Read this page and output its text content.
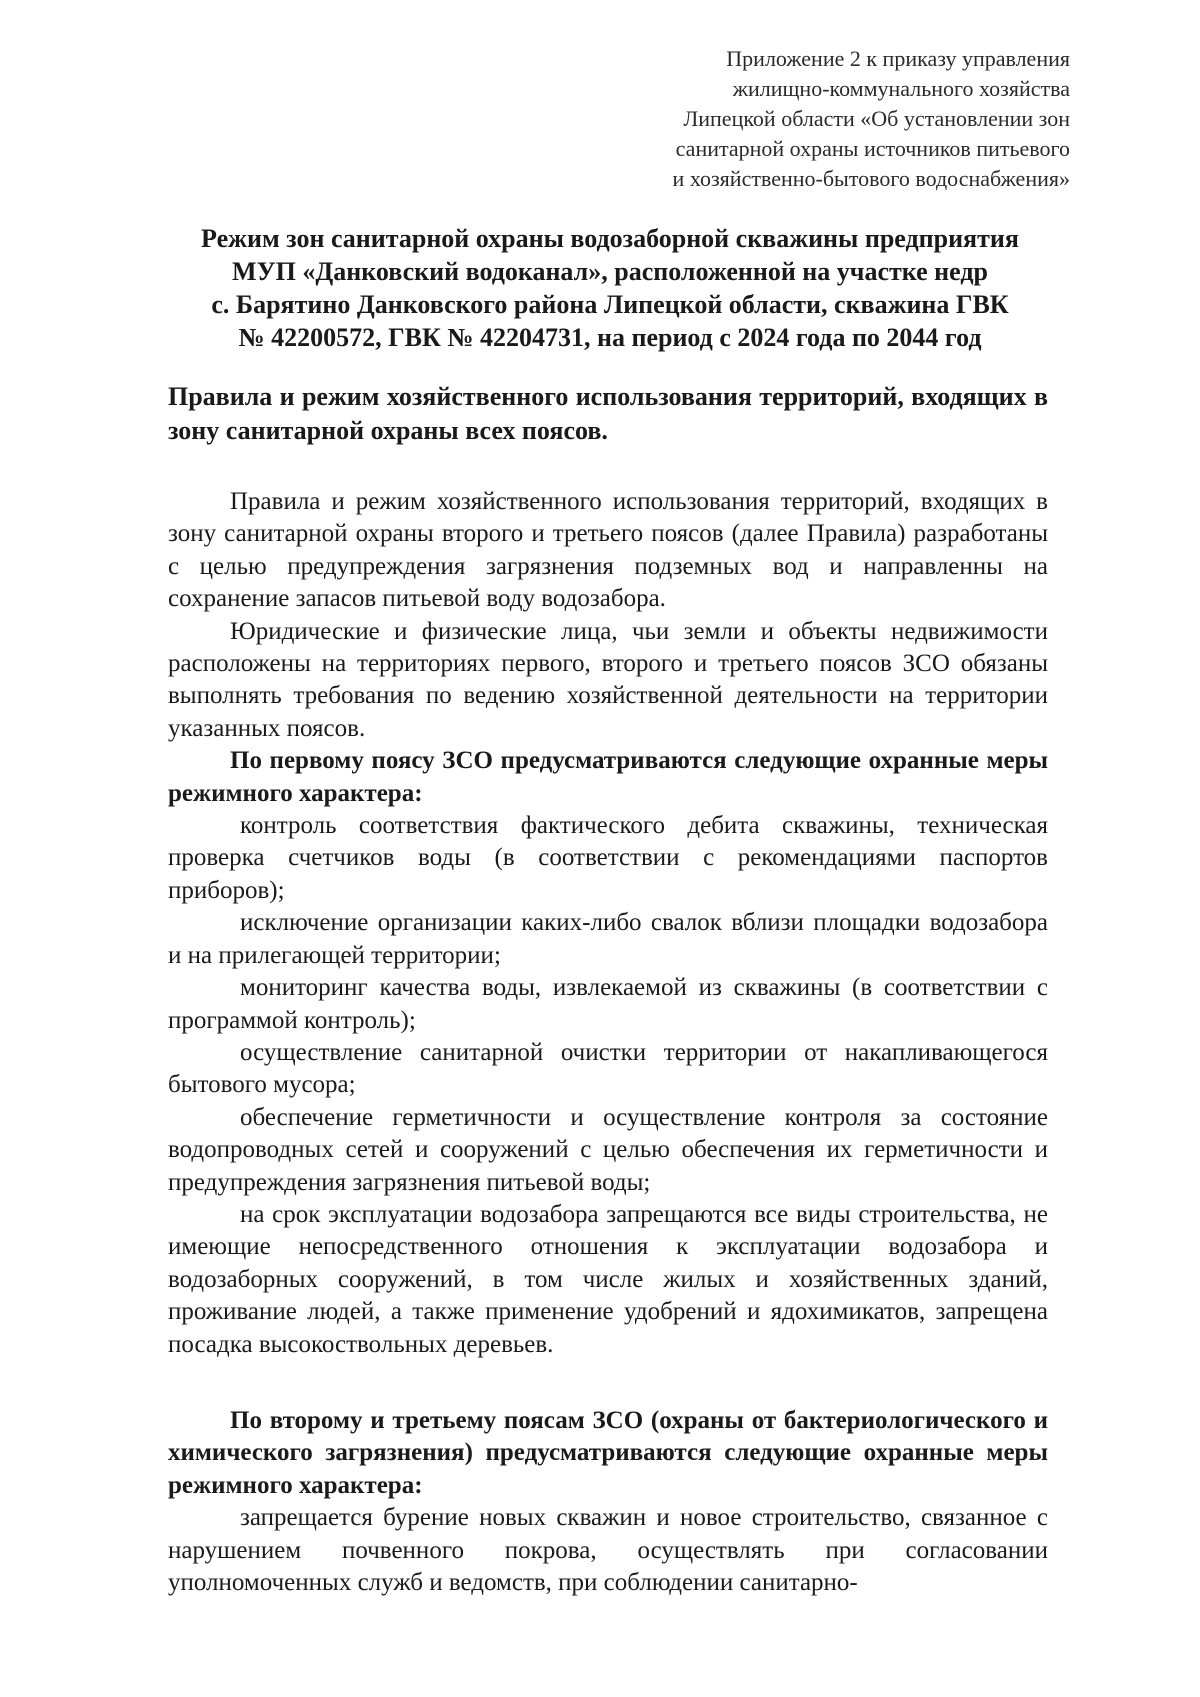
Приложение 2 к приказу управления
жилищно-коммунального хозяйства
Липецкой области «Об установлении зон
санитарной охраны источников питьевого
и хозяйственно-бытового водоснабжения»
Режим зон санитарной охраны водозаборной скважины предприятия
МУП «Данковский водоканал», расположенной на участке недр
с. Барятино Данковского района Липецкой области, скважина ГВК
№ 42200572, ГВК № 42204731, на период с 2024 года по 2044 год
Правила и режим хозяйственного использования территорий, входящих в зону санитарной охраны всех поясов.

Правила и режим хозяйственного использования территорий, входящих в зону санитарной охраны второго и третьего поясов (далее Правила) разработаны с целью предупреждения загрязнения подземных вод и направленны на сохранение запасов питьевой воду водозабора.

Юридические и физические лица, чьи земли и объекты недвижимости расположены на территориях первого, второго и третьего поясов ЗСО обязаны выполнять требования по ведению хозяйственной деятельности на территории указанных поясов.

По первому поясу ЗСО предусматриваются следующие охранные меры режимного характера:

контроль соответствия фактического дебита скважины, техническая проверка счетчиков воды (в соответствии с рекомендациями паспортов приборов);

исключение организации каких-либо свалок вблизи площадки водозабора и на прилегающей территории;

мониторинг качества воды, извлекаемой из скважины (в соответствии с программой контроль);

осуществление санитарной очистки территории от накапливающегося бытового мусора;

обеспечение герметичности и осуществление контроля за состояние водопроводных сетей и сооружений с целью обеспечения их герметичности и предупреждения загрязнения питьевой воды;

на срок эксплуатации водозабора запрещаются все виды строительства, не имеющие непосредственного отношения к эксплуатации водозабора и водозаборных сооружений, в том числе жилых и хозяйственных зданий, проживание людей, а также применение удобрений и ядохимикатов, запрещена посадка высокоствольных деревьев.

По второму и третьему поясам ЗСО (охраны от бактериологического и химического загрязнения) предусматриваются следующие охранные меры режимного характера:

запрещается бурение новых скважин и новое строительство, связанное с нарушением почвенного покрова, осуществлять при согласовании уполномоченных служб и ведомств, при соблюдении санитарно-
